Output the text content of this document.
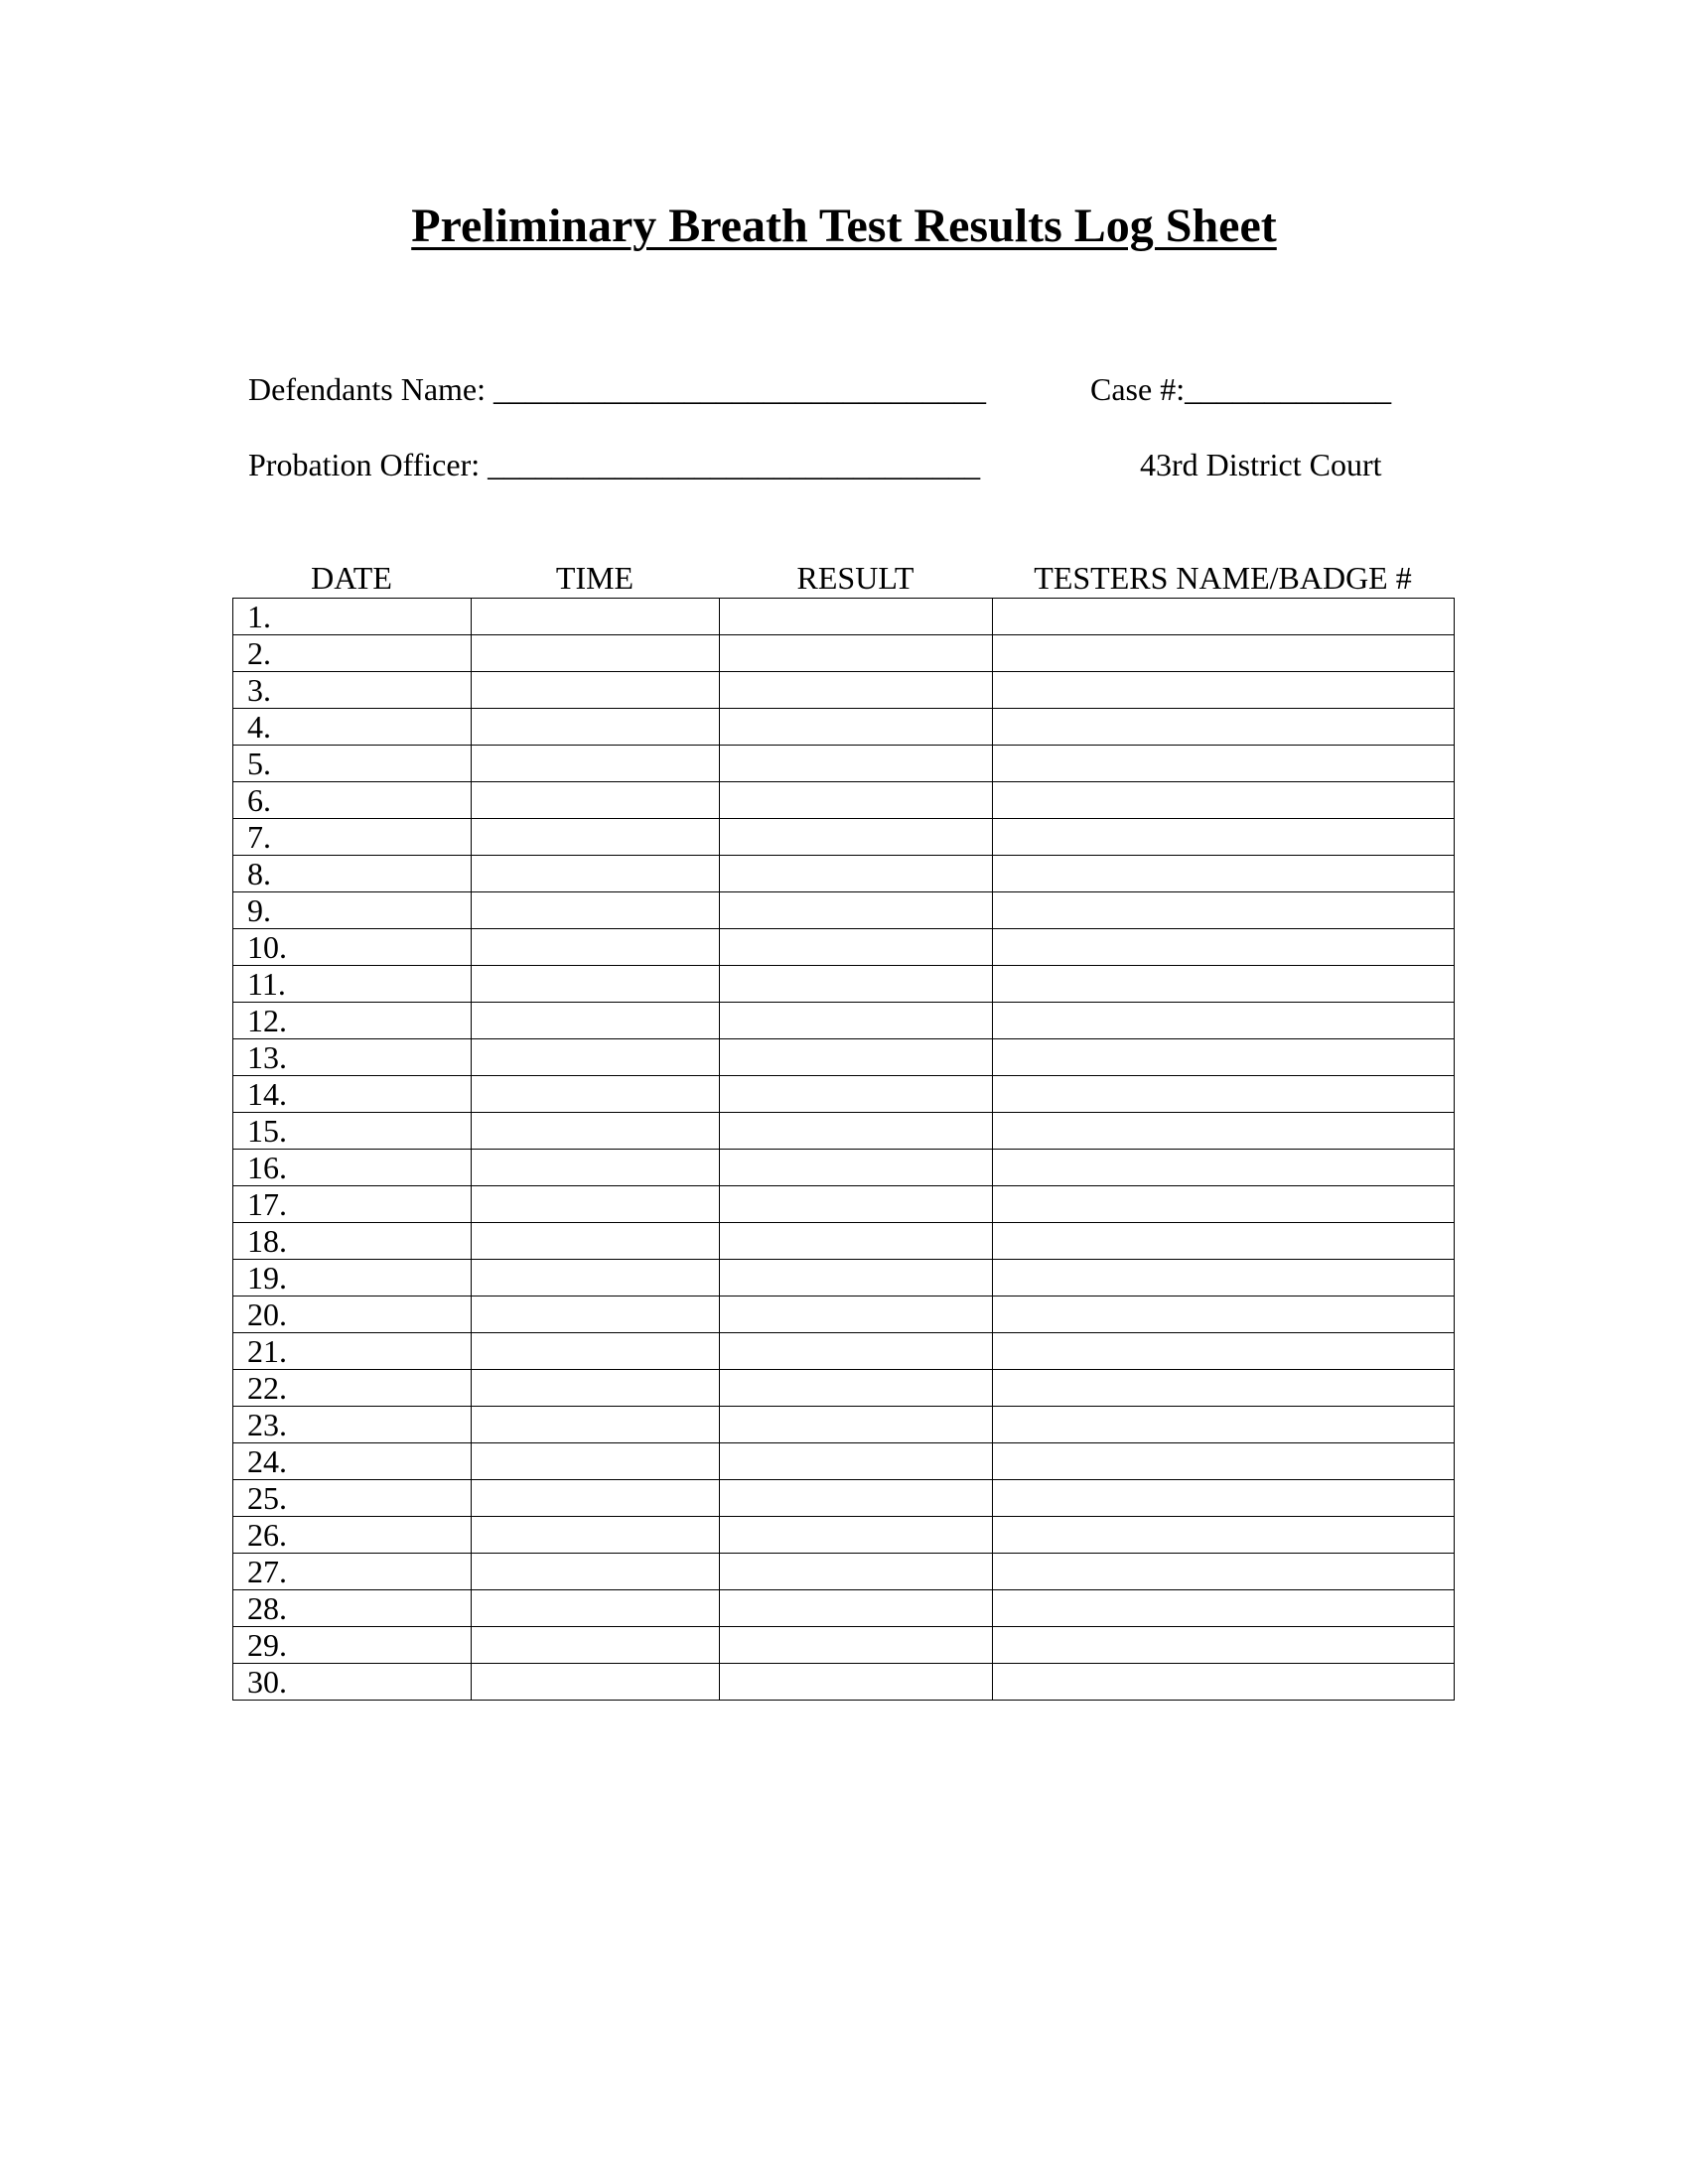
Preliminary Breath Test Results Log Sheet
Defendants Name: _______________________________	Case #:_____________
Probation Officer: _______________________________	43rd District Court
DATE	TIME	RESULT	TESTERS NAME/BADGE #
1.			
2.			
3.			
4.			
5.			
6.			
7.			
8.			
9.			
10.			
11.			
12.			
13.			
14.			
15.			
16.			
17.			
18.			
19.			
20.			
21.			
22.			
23.			
24.			
25.			
26.			
27.			
28.			
29.			
30.			
